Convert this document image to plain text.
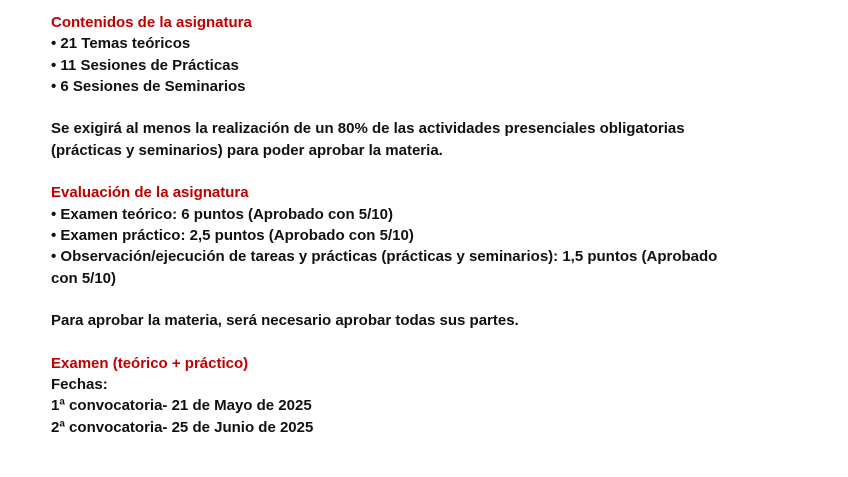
Contenidos de la asignatura

• 21 Temas teóricos

• 11 Sesiones de Prácticas

• 6 Sesiones de Seminarios

Se exigirá al menos la realización de un 80% de las actividades presenciales obligatorias

(prácticas y seminarios) para poder aprobar la materia.

Evaluación de la asignatura

• Examen teórico: 6 puntos (Aprobado con 5/10)

• Examen práctico: 2,5 puntos (Aprobado con 5/10)

• Observación/ejecución de tareas y prácticas (prácticas y seminarios): 1,5 puntos (Aprobado

con 5/10)

Para aprobar la materia, será necesario aprobar todas sus partes.

Examen (teórico + práctico)

Fechas:

1ª convocatoria- 21 de Mayo de 2025

2ª convocatoria- 25 de Junio de 2025
